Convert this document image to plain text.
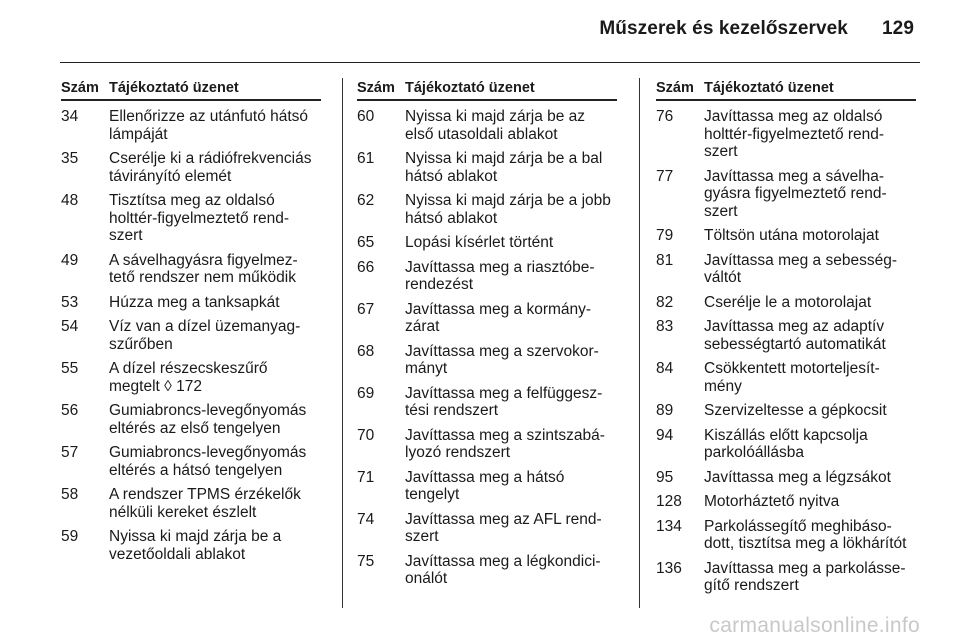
Műszerek és kezelőszervek 129
Szám Tájékoztató üzenet
34	Ellenőrizze az utánfutó hátsó
lámpáját
35	Cserélje ki a rádiófrekvenciás
távirányító elemét
48	Tisztítsa meg az oldalsó
holttér-figyelmeztető rend-
szert
49	A sávelhagyásra figyelmez-
tető rendszer nem működik
53	Húzza meg a tanksapkát
54	Víz van a dízel üzemanyag-
szűrőben
55	A dízel részecskeszűrő
megtelt ◊ 172
56	Gumiabroncs-levegőnyomás
eltérés az első tengelyen
57	Gumiabroncs-levegőnyomás
eltérés a hátsó tengelyen
58	A rendszer TPMS érzékelők
nélküli kereket észlelt
59	Nyissa ki majd zárja be a
vezetőoldali ablakot
Szám Tájékoztató üzenet
60	Nyissa ki majd zárja be az
első utasoldali ablakot
61	Nyissa ki majd zárja be a bal
hátsó ablakot
62	Nyissa ki majd zárja be a jobb
hátsó ablakot
65	Lopási kísérlet történt
66	Javíttassa meg a riasztóbe-
rendezést
67	Javíttassa meg a kormány-
zárat
68	Javíttassa meg a szervokor-
mányt
69	Javíttassa meg a felfüggesz-
tési rendszert
70	Javíttassa meg a szintszabá-
lyozó rendszert
71	Javíttassa meg a hátsó
tengelyt
74	Javíttassa meg az AFL rend-
szert
75	Javíttassa meg a légkondici-
onálót
Szám Tájékoztató üzenet
76	Javíttassa meg az oldalsó
holttér-figyelmeztető rend-
szert
77	Javíttassa meg a sávelha-
gyásra figyelmeztető rend-
szert
79	Töltsön utána motorolajat
81	Javíttassa meg a sebesség-
váltót
82	Cserélje le a motorolajat
83	Javíttassa meg az adaptív
sebességtartó automatikát
84	Csökkentett motorteljesít-
mény
89	Szervizeltesse a gépkocsit
94	Kiszállás előtt kapcsolja
parkolóállásba
95	Javíttassa meg a légzsákot
128	Motorháztető nyitva
134	Parkolássegítő meghibáso-
dott, tisztítsa meg a lökhárítót
136	Javíttassa meg a parkolásse-
gítő rendszert
carmanualsonline.info
